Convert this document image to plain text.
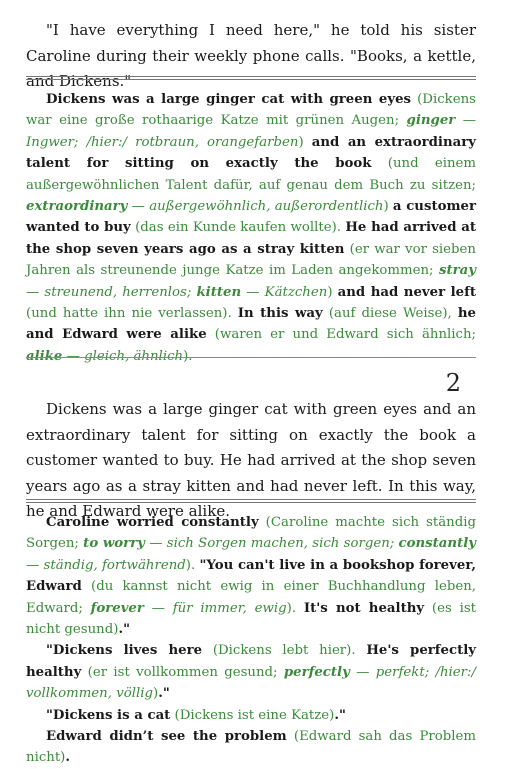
"I have everything I need here," he told his sister Caroline during their weekly phone calls. "Books, a kettle, and Dickens."

Dickens was a large ginger cat with green eyes (Dickens war eine große rothaarige Katze mit grünen Augen; ginger — Ingwer; /hier:/ rotbraun, orangefarben) and an extraordinary talent for sitting on exactly the book (und einem außergewöhnlichen Talent dafür, auf genau dem Buch zu sitzen; extraordinary — außergewöhnlich, außerordentlich) a customer wanted to buy (das ein Kunde kaufen wollte). He had arrived at the shop seven years ago as a stray kitten (er war vor sieben Jahren als streunende junge Katze im Laden angekommen; stray — streunend, herrenlos; kitten — Kätzchen) and had never left (und hatte ihn nie verlassen). In this way (auf diese Weise), he and Edward were alike (waren er und Edward sich ähnlich; alike — gleich, ähnlich).

2

Dickens was a large ginger cat with green eyes and an extraordinary talent for sitting on exactly the book a customer wanted to buy. He had arrived at the shop seven years ago as a stray kitten and had never left. In this way, he and Edward were alike.

Caroline worried constantly (Caroline machte sich ständig Sorgen; to worry — sich Sorgen machen, sich sorgen; constantly — ständig, fortwährend). "You can't live in a bookshop forever, Edward (du kannst nicht ewig in einer Buchhandlung leben, Edward; forever — für immer, ewig). It's not healthy (es ist nicht gesund)."

"Dickens lives here (Dickens lebt hier). He's perfectly healthy (er ist vollkommen gesund; perfectly — perfekt; /hier:/ vollkommen, völlig)."

"Dickens is a cat (Dickens ist eine Katze)."

Edward didn’t see the problem (Edward sah das Problem nicht).
